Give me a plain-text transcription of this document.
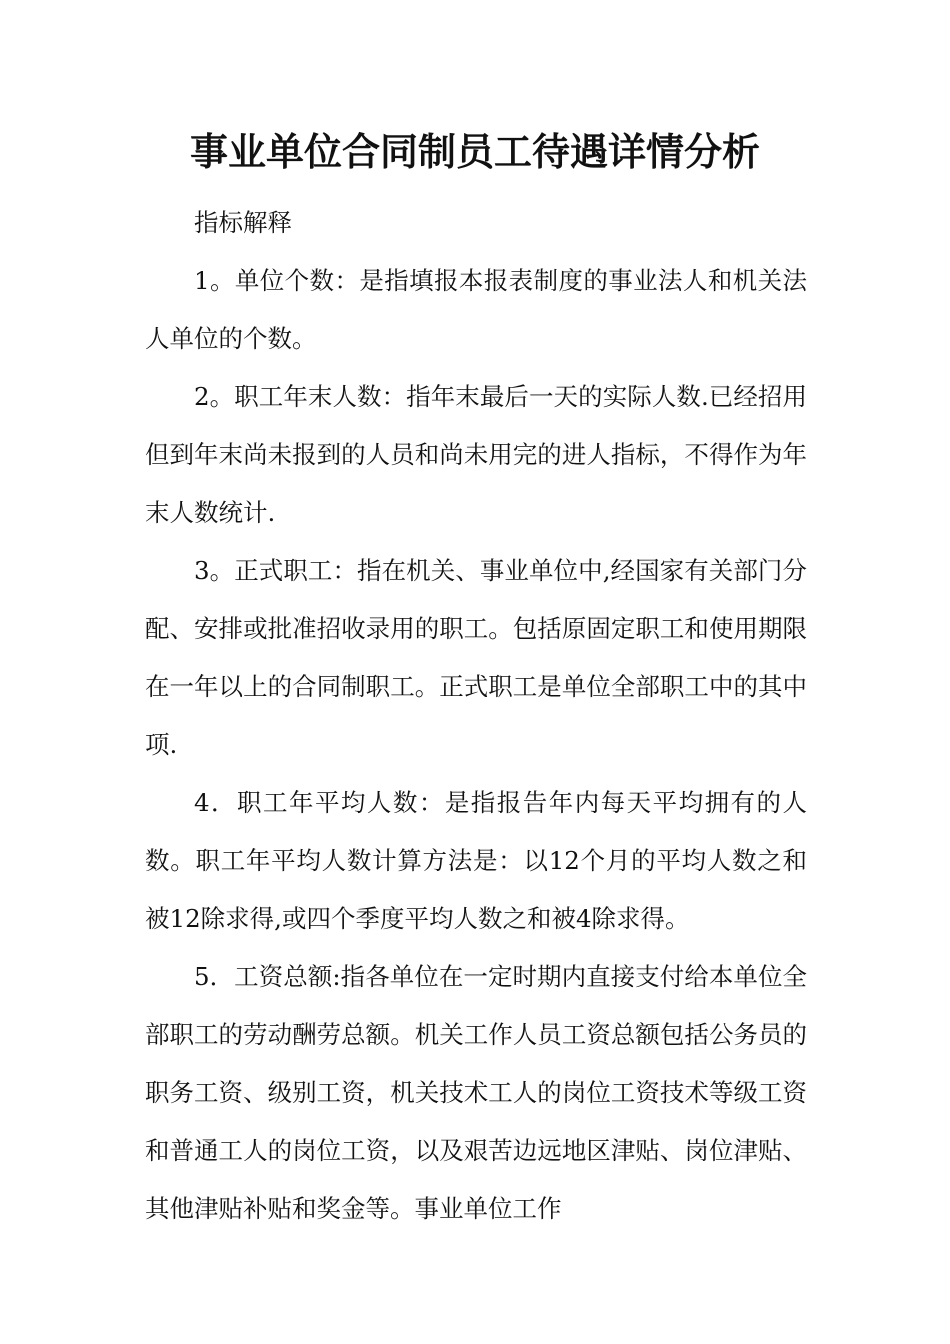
事业单位合同制员工待遇详情分析

指标解释

1。单位个数：是指填报本报表制度的事业法人和机关法人单位的个数。

2。职工年末人数：指年末最后一天的实际人数.已经招用但到年末尚未报到的人员和尚未用完的进人指标，不得作为年末人数统计.

3。正式职工：指在机关、事业单位中,经国家有关部门分配、安排或批准招收录用的职工。包括原固定职工和使用期限在一年以上的合同制职工。正式职工是单位全部职工中的其中项.

4．职工年平均人数：是指报告年内每天平均拥有的人数。职工年平均人数计算方法是：以12个月的平均人数之和被12除求得,或四个季度平均人数之和被4除求得。

5．工资总额:指各单位在一定时期内直接支付给本单位全部职工的劳动酬劳总额。机关工作人员工资总额包括公务员的职务工资、级别工资，机关技术工人的岗位工资技术等级工资和普通工人的岗位工资，以及艰苦边远地区津贴、岗位津贴、其他津贴补贴和奖金等。事业单位工作
